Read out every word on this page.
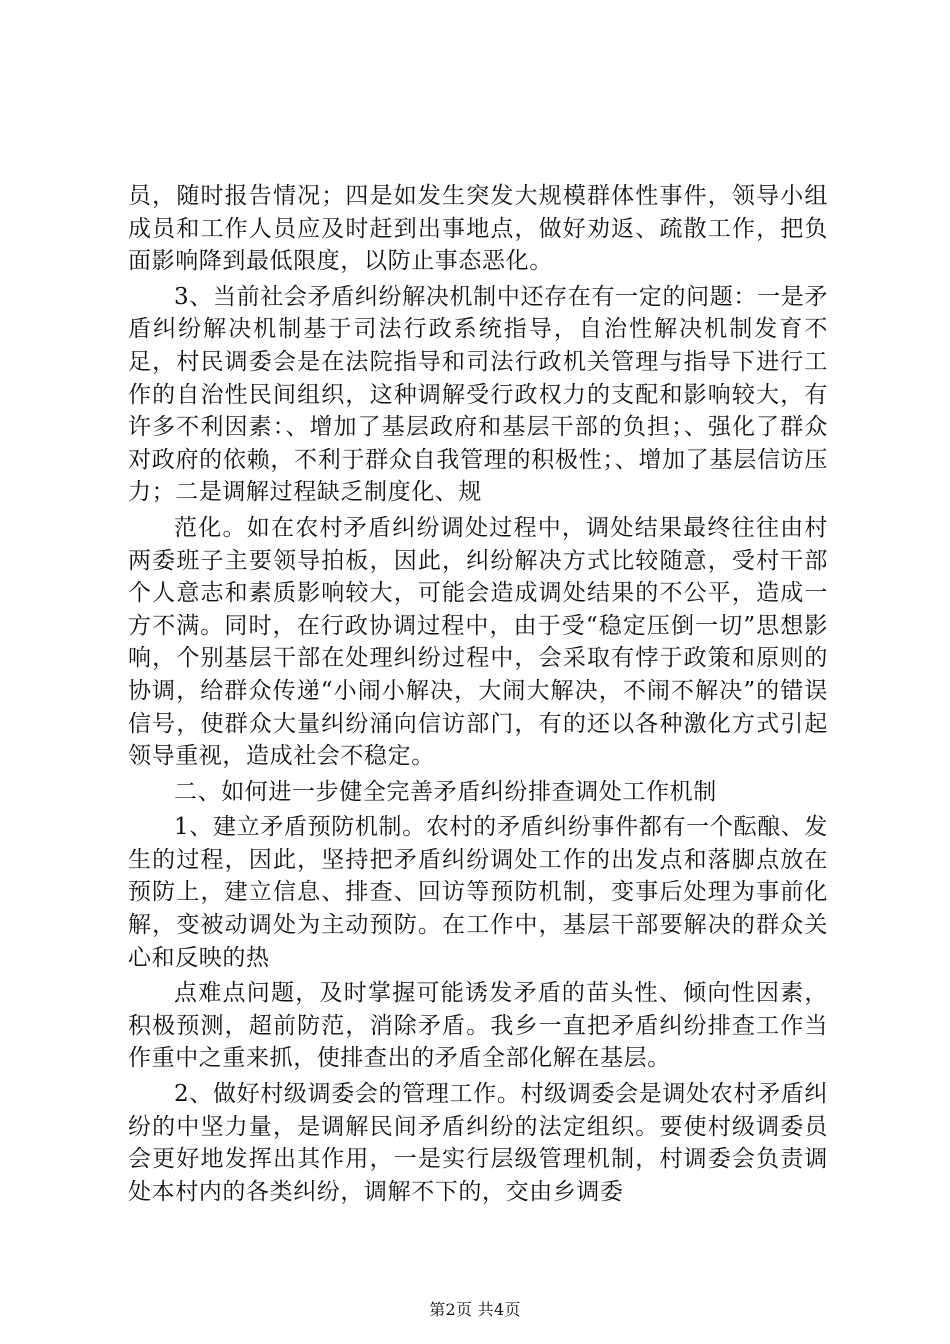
员，随时报告情况；四是如发生突发大规模群体性事件，领导小组成员和工作人员应及时赶到出事地点，做好劝返、疏散工作，把负面影响降到最低限度，以防止事态恶化。

3、当前社会矛盾纠纷解决机制中还存在有一定的问题：一是矛盾纠纷解决机制基于司法行政系统指导，自治性解决机制发育不足，村民调委会是在法院指导和司法行政机关管理与指导下进行工作的自治性民间组织，这种调解受行政权力的支配和影响较大，有许多不利因素：、增加了基层政府和基层干部的负担；、强化了群众对政府的依赖，不利于群众自我管理的积极性；、增加了基层信访压力；二是调解过程缺乏制度化、规

范化。如在农村矛盾纠纷调处过程中，调处结果最终往往由村两委班子主要领导拍板，因此，纠纷解决方式比较随意，受村干部个人意志和素质影响较大，可能会造成调处结果的不公平，造成一方不满。同时，在行政协调过程中，由于受“稳定压倒一切”思想影响，个别基层干部在处理纠纷过程中，会采取有悖于政策和原则的协调，给群众传递“小闹小解决，大闹大解决，不闹不解决”的错误信号，使群众大量纠纷涌向信访部门，有的还以各种激化方式引起领导重视，造成社会不稳定。

二、如何进一步健全完善矛盾纠纷排查调处工作机制

1、建立矛盾预防机制。农村的矛盾纠纷事件都有一个酝酿、发生的过程，因此，坚持把矛盾纠纷调处工作的出发点和落脚点放在预防上，建立信息、排查、回访等预防机制，变事后处理为事前化解，变被动调处为主动预防。在工作中，基层干部要解决的群众关心和反映的热

点难点问题，及时掌握可能诱发矛盾的苗头性、倾向性因素，积极预测，超前防范，消除矛盾。我乡一直把矛盾纠纷排查工作当作重中之重来抓，使排查出的矛盾全部化解在基层。

2、做好村级调委会的管理工作。村级调委会是调处农村矛盾纠纷的中坚力量，是调解民间矛盾纠纷的法定组织。要使村级调委员会更好地发挥出其作用，一是实行层级管理机制，村调委会负责调处本村内的各类纠纷，调解不下的，交由乡调委

第2页 共4页
